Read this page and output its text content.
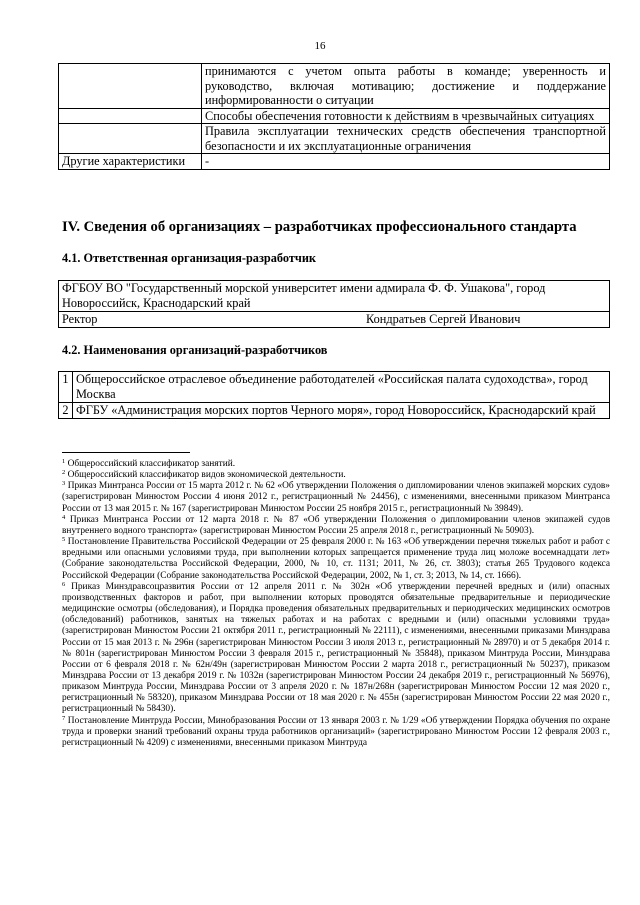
16
	принимаются с учетом опыта работы в команде; уверенность и руководство, включая мотивацию; достижение и поддержание информированности о ситуации
	Способы обеспечения готовности к действиям в чрезвычайных ситуациях
	Правила эксплуатации технических средств обеспечения транспортной безопасности и их эксплуатационные ограничения
Другие характеристики	-
IV. Сведения об организациях – разработчиках профессионального стандарта
4.1. Ответственная организация-разработчик
ФГБОУ ВО "Государственный морской университет имени адмирала Ф. Ф. Ушакова", город Новороссийск, Краснодарский край

Ректор	Кондратьев Сергей Иванович
4.2. Наименования организаций-разработчиков
1	Общероссийское отраслевое объединение работодателей «Российская палата судоходства», город Москва
2	ФГБУ «Администрация морских портов Черного моря», город Новороссийск, Краснодарский край

$^1$ Общероссийский классификатор занятий.

$^2$ Общероссийский классификатор видов экономической деятельности.

$^3$ Приказ Минтранса России от 15 марта 2012 г. № 62 «Об утверждении Положения о дипломировании членов экипажей морских судов» (зарегистрирован Минюстом России 4 июня 2012 г., регистрационный № 24456), с изменениями, внесенными приказом Минтранса России от 13 мая 2015 г. № 167 (зарегистрирован Минюстом России 25 ноября 2015 г., регистрационный № 39849).

$^4$ Приказ Минтранса России от 12 марта 2018 г. № 87 «Об утверждении Положения о дипломировании членов экипажей судов внутреннего водного транспорта» (зарегистрирован Минюстом России 25 апреля 2018 г., регистрационный № 50903).

$^5$ Постановление Правительства Российской Федерации от 25 февраля 2000 г. № 163 «Об утверждении перечня тяжелых работ и работ с вредными или опасными условиями труда, при выполнении которых запрещается применение труда лиц моложе восемнадцати лет» (Собрание законодательства Российской Федерации, 2000, № 10, ст. 1131; 2011, № 26, ст. 3803); статья 265 Трудового кодекса Российской Федерации (Собрание законодательства Российской Федерации, 2002, № 1, ст. 3; 2013, № 14, ст. 1666).

$^6$ Приказ Минздравсоцразвития России от 12 апреля 2011 г. № 302н «Об утверждении перечней вредных и (или) опасных производственных факторов и работ, при выполнении которых проводятся обязательные предварительные и периодические медицинские осмотры (обследования), и Порядка проведения обязательных предварительных и периодических медицинских осмотров (обследований) работников, занятых на тяжелых работах и на работах с вредными и (или) опасными условиями труда» (зарегистрирован Минюстом России 21 октября 2011 г., регистрационный № 22111), с изменениями, внесенными приказами Минздрава России от 15 мая 2013 г. № 296н (зарегистрирован Минюстом России 3 июля 2013 г., регистрационный № 28970) и от 5 декабря 2014 г. № 801н (зарегистрирован Минюстом России 3 февраля 2015 г., регистрационный № 35848), приказом Минтруда России, Минздрава России от 6 февраля 2018 г. № 62н/49н (зарегистрирован Минюстом России 2 марта 2018 г., регистрационный № 50237), приказом Минздрава России от 13 декабря 2019 г. № 1032н (зарегистрирован Минюстом России 24 декабря 2019 г., регистрационный № 56976), приказом Минтруда России, Минздрава России от 3 апреля 2020 г. № 187н/268н (зарегистрирован Минюстом России 12 мая 2020 г., регистрационный № 58320), приказом Минздрава России от 18 мая 2020 г. № 455н (зарегистрирован Минюстом России 22 мая 2020 г., регистрационный № 58430).

$^7$ Постановление Минтруда России, Минобразования России от 13 января 2003 г. № 1/29 «Об утверждении Порядка обучения по охране труда и проверки знаний требований охраны труда работников организаций» (зарегистрировано Минюстом России 12 февраля 2003 г., регистрационный № 4209) с изменениями, внесенными приказом Минтруда
